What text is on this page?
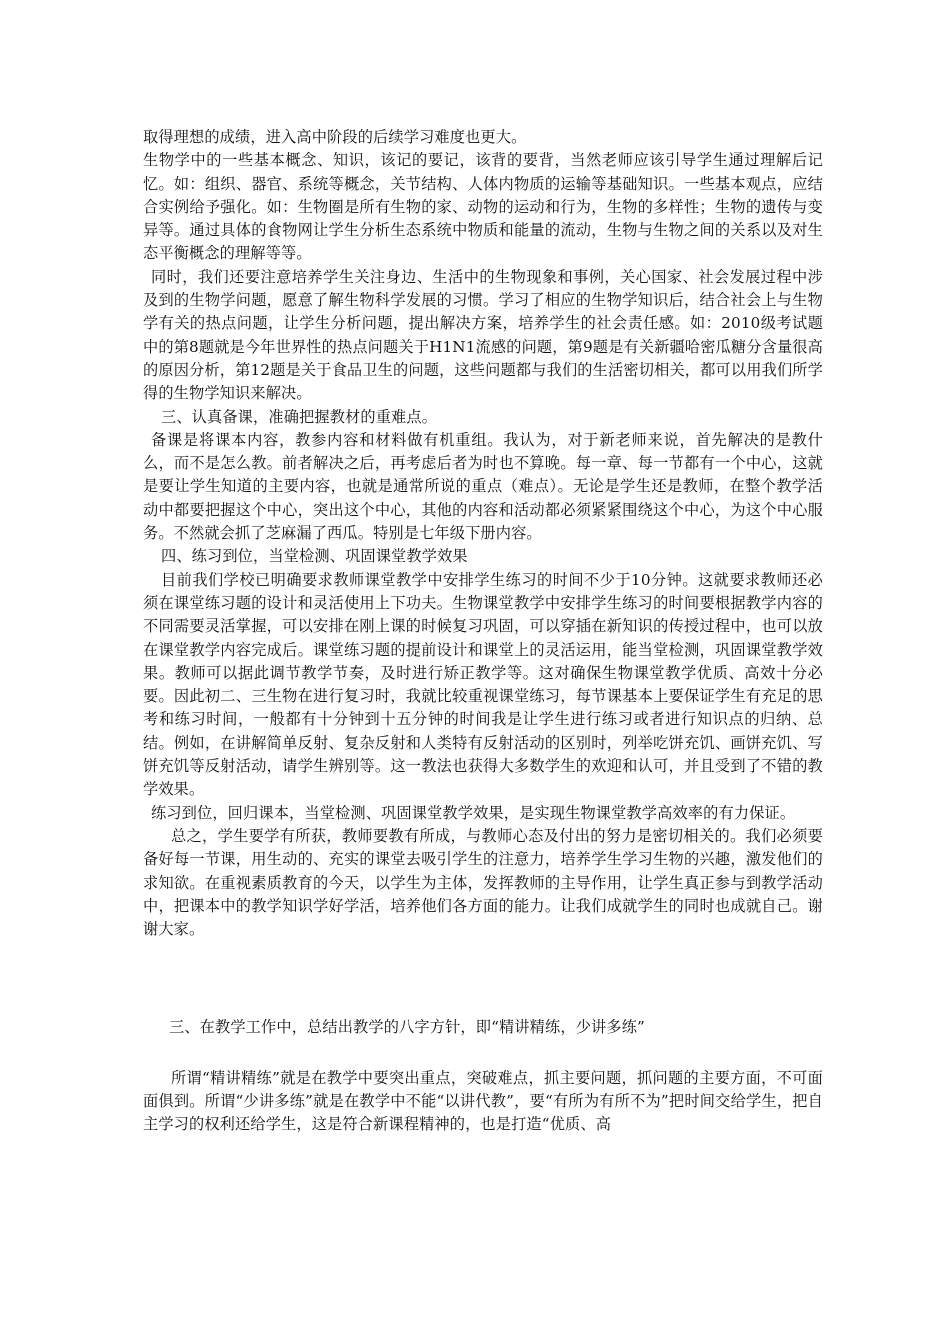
取得理想的成绩，进入高中阶段的后续学习难度也更大。

生物学中的一些基本概念、知识，该记的要记，该背的要背，当然老师应该引导学生通过理解后记忆。如：组织、器官、系统等概念，关节结构、人体内物质的运输等基础知识。一些基本观点，应结合实例给予强化。如：生物圈是所有生物的家、动物的运动和行为，生物的多样性；生物的遗传与变异等。通过具体的食物网让学生分析生态系统中物质和能量的流动，生物与生物之间的关系以及对生态平衡概念的理解等等。

同时，我们还要注意培养学生关注身边、生活中的生物现象和事例，关心国家、社会发展过程中涉及到的生物学问题，愿意了解生物科学发展的习惯。学习了相应的生物学知识后，结合社会上与生物学有关的热点问题，让学生分析问题，提出解决方案，培养学生的社会责任感。如：2010级考试题中的第8题就是今年世界性的热点问题关于H1N1流感的问题，第9题是有关新疆哈密瓜糖分含量很高的原因分析，第12题是关于食品卫生的问题，这些问题都与我们的生活密切相关，都可以用我们所学得的生物学知识来解决。

三、认真备课，准确把握教材的重难点。

备课是将课本内容，教参内容和材料做有机重组。我认为，对于新老师来说，首先解决的是教什么，而不是怎么教。前者解决之后，再考虑后者为时也不算晚。每一章、每一节都有一个中心，这就是要让学生知道的主要内容，也就是通常所说的重点（难点）。无论是学生还是教师，在整个教学活动中都要把握这个中心，突出这个中心，其他的内容和活动都必须紧紧围绕这个中心，为这个中心服务。不然就会抓了芝麻漏了西瓜。特别是七年级下册内容。

四、练习到位，当堂检测、巩固课堂教学效果

目前我们学校已明确要求教师课堂教学中安排学生练习的时间不少于10分钟。这就要求教师还必须在课堂练习题的设计和灵活使用上下功夫。生物课堂教学中安排学生练习的时间要根据教学内容的不同需要灵活掌握，可以安排在刚上课的时候复习巩固，可以穿插在新知识的传授过程中，也可以放在课堂教学内容完成后。课堂练习题的提前设计和课堂上的灵活运用，能当堂检测，巩固课堂教学效果。教师可以据此调节教学节奏，及时进行矫正教学等。这对确保生物课堂教学优质、高效十分必要。因此初二、三生物在进行复习时，我就比较重视课堂练习，每节课基本上要保证学生有充足的思考和练习时间，一般都有十分钟到十五分钟的时间我是让学生进行练习或者进行知识点的归纳、总结。例如，在讲解简单反射、复杂反射和人类特有反射活动的区别时，列举吃饼充饥、画饼充饥、写饼充饥等反射活动，请学生辨别等。这一教法也获得大多数学生的欢迎和认可，并且受到了不错的教学效果。

练习到位，回归课本，当堂检测、巩固课堂教学效果，是实现生物课堂教学高效率的有力保证。

总之，学生要学有所获，教师要教有所成，与教师心态及付出的努力是密切相关的。我们必须要备好每一节课，用生动的、充实的课堂去吸引学生的注意力，培养学生学习生物的兴趣，激发他们的求知欲。在重视素质教育的今天，以学生为主体，发挥教师的主导作用，让学生真正参与到教学活动中，把课本中的教学知识学好学活，培养他们各方面的能力。让我们成就学生的同时也成就自己。谢谢大家。

三、在教学工作中，总结出教学的八字方针，即“精讲精练，少讲多练”

所谓“精讲精练”就是在教学中要突出重点，突破难点，抓主要问题，抓问题的主要方面，不可面面俱到。所谓“少讲多练”就是在教学中不能“以讲代教”，要“有所为有所不为”把时间交给学生，把自主学习的权利还给学生，这是符合新课程精神的，也是打造“优质、高
